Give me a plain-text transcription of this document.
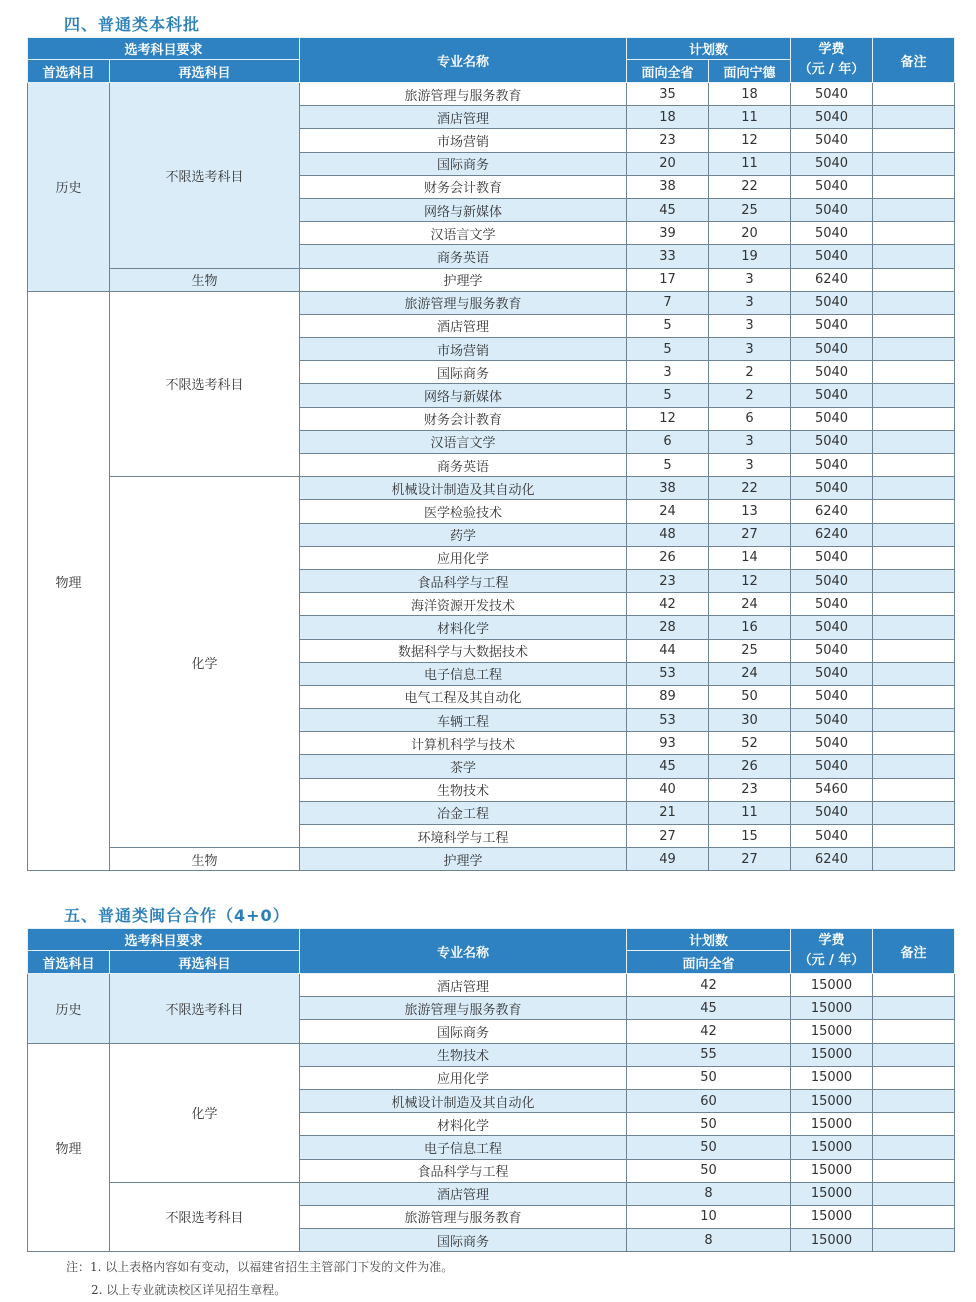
四、普通类本科批
选考科目要求		专业名称	计划数		学费
（元 / 年）	备注
首选科目	再选科目		面向全省	面向宁德		
历史	不限选考科目	旅游管理与服务教育	35	18	5040	
		酒店管理	18	11	5040	
		市场营销	23	12	5040	
		国际商务	20	11	5040	
		财务会计教育	38	22	5040	
		网络与新媒体	45	25	5040	
		汉语言文学	39	20	5040	
		商务英语	33	19	5040	
	生物	护理学	17	3	6240	
物理	不限选考科目	旅游管理与服务教育	7	3	5040	
		酒店管理	5	3	5040	
		市场营销	5	3	5040	
		国际商务	3	2	5040	
		网络与新媒体	5	2	5040	
		财务会计教育	12	6	5040	
		汉语言文学	6	3	5040	
		商务英语	5	3	5040	
	化学	机械设计制造及其自动化	38	22	5040	
		医学检验技术	24	13	6240	
		药学	48	27	6240	
		应用化学	26	14	5040	
		食品科学与工程	23	12	5040	
		海洋资源开发技术	42	24	5040	
		材料化学	28	16	5040	
		数据科学与大数据技术	44	25	5040	
		电子信息工程	53	24	5040	
		电气工程及其自动化	89	50	5040	
		车辆工程	53	30	5040	
		计算机科学与技术	93	52	5040	
		茶学	45	26	5040	
		生物技术	40	23	5460	
		冶金工程	21	11	5040	
		环境科学与工程	27	15	5040	
	生物	护理学	49	27	6240	
五、普通类闽台合作（4+0）
选考科目要求		专业名称	计划数	学费
（元 / 年）	备注
首选科目	再选科目		面向全省		
历史	不限选考科目	酒店管理	42	15000	
		旅游管理与服务教育	45	15000	
		国际商务	42	15000	
物理	化学	生物技术	55	15000	
		应用化学	50	15000	
		机械设计制造及其自动化	60	15000	
		材料化学	50	15000	
		电子信息工程	50	15000	
		食品科学与工程	50	15000	
	不限选考科目	酒店管理	8	15000	
		旅游管理与服务教育	10	15000	
		国际商务	8	15000	
注：1. 以上表格内容如有变动，以福建省招生主管部门下发的文件为准。
2. 以上专业就读校区详见招生章程。
